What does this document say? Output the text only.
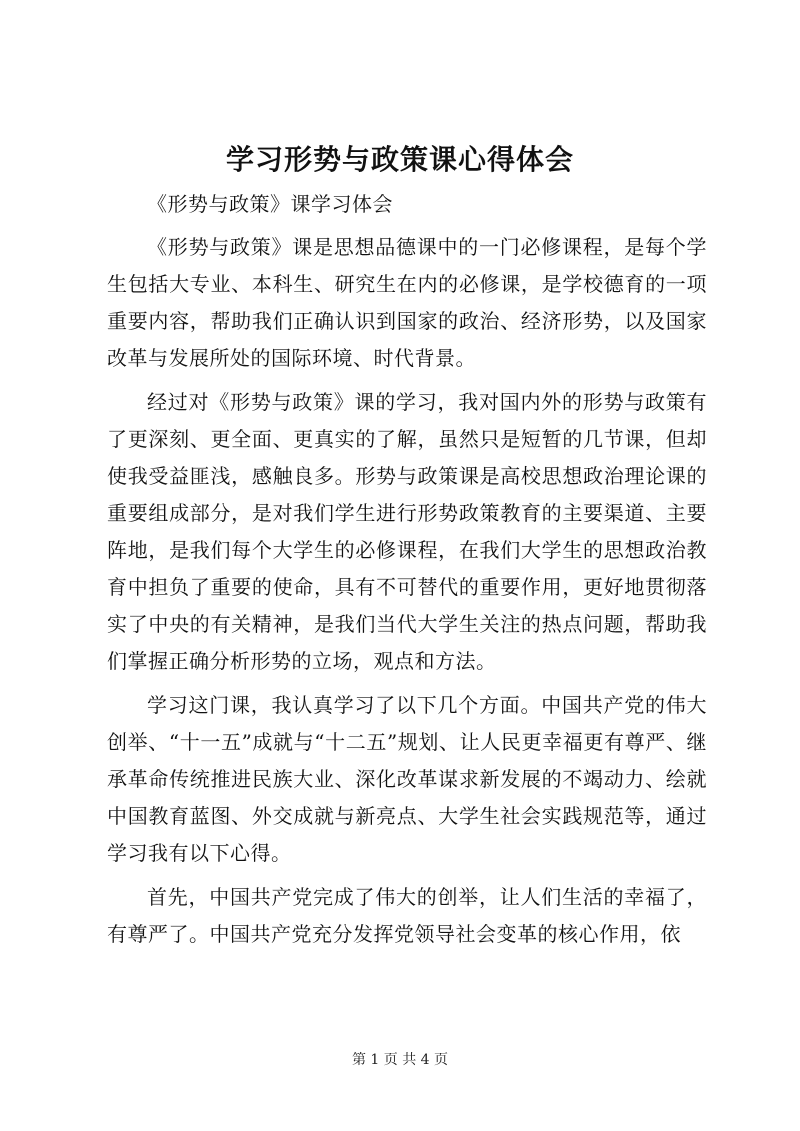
学习形势与政策课心得体会

《形势与政策》课学习体会

《形势与政策》课是思想品德课中的一门必修课程，是每个学生包括大专业、本科生、研究生在内的必修课，是学校德育的一项重要内容，帮助我们正确认识到国家的政治、经济形势，以及国家改革与发展所处的国际环境、时代背景。

经过对《形势与政策》课的学习，我对国内外的形势与政策有了更深刻、更全面、更真实的了解，虽然只是短暂的几节课，但却使我受益匪浅，感触良多。形势与政策课是高校思想政治理论课的重要组成部分，是对我们学生进行形势政策教育的主要渠道、主要阵地，是我们每个大学生的必修课程，在我们大学生的思想政治教育中担负了重要的使命，具有不可替代的重要作用，更好地贯彻落实了中央的有关精神，是我们当代大学生关注的热点问题，帮助我们掌握正确分析形势的立场，观点和方法。

学习这门课，我认真学习了以下几个方面。中国共产党的伟大创举、“十一五”成就与“十二五”规划、让人民更幸福更有尊严、继承革命传统推进民族大业、深化改革谋求新发展的不竭动力、绘就中国教育蓝图、外交成就与新亮点、大学生社会实践规范等，通过学习我有以下心得。

首先，中国共产党完成了伟大的创举，让人们生活的幸福了，有尊严了。中国共产党充分发挥党领导社会变革的核心作用，依

第 1 页 共 4 页
